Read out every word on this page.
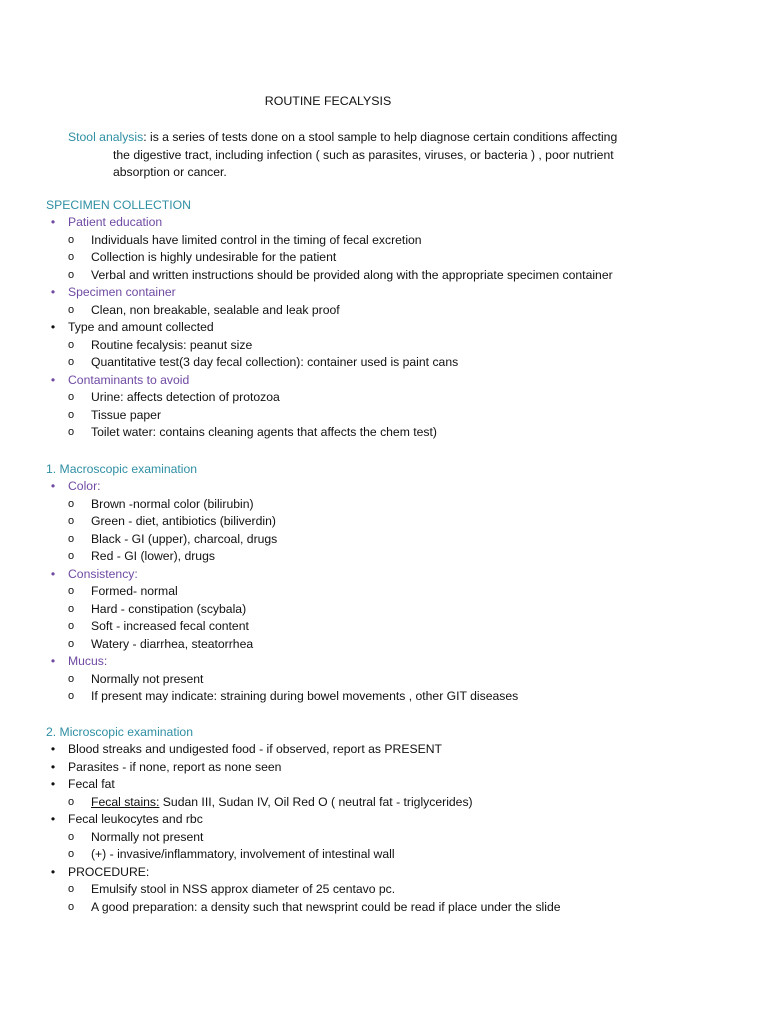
ROUTINE FECALYSIS
Stool analysis: is a series of tests done on a stool sample to help diagnose certain conditions affecting
the digestive tract, including infection ( such as parasites, viruses, or bacteria ) , poor nutrient
absorption or cancer.
SPECIMEN COLLECTION
•	Patient education
o	Individuals have limited control in the timing of fecal excretion
o	Collection is highly undesirable for the patient
o	Verbal and written instructions should be provided along with the appropriate specimen container
•	Specimen container
o	Clean, non breakable, sealable and leak proof
•	Type and amount collected
o	Routine fecalysis: peanut size
o	Quantitative test(3 day fecal collection): container used is paint cans
•	Contaminants to avoid
o	Urine: affects detection of protozoa
o	Tissue paper
o	Toilet water: contains cleaning agents that affects the chem test)
1. Macroscopic examination
•	Color:
o	Brown -normal color (bilirubin)
o	Green - diet, antibiotics (biliverdin)
o	Black - GI (upper), charcoal, drugs
o	Red - GI (lower), drugs
•	Consistency:
o	Formed- normal
o	Hard - constipation (scybala)
o	Soft - increased fecal content
o	Watery - diarrhea, steatorrhea
•	Mucus:
o	Normally not present
o	If present may indicate: straining during bowel movements , other GIT diseases
2. Microscopic examination
•	Blood streaks and undigested food - if observed, report as PRESENT
•	Parasites - if none, report as none seen
•	Fecal fat
o	Fecal stains: Sudan III, Sudan IV, Oil Red O ( neutral fat - triglycerides)
•	Fecal leukocytes and rbc
o	Normally not present
o	(+) - invasive/inflammatory, involvement of intestinal wall
•	PROCEDURE:
o	Emulsify stool in NSS approx diameter of 25 centavo pc.
o	A good preparation: a density such that newsprint could be read if place under the slide
